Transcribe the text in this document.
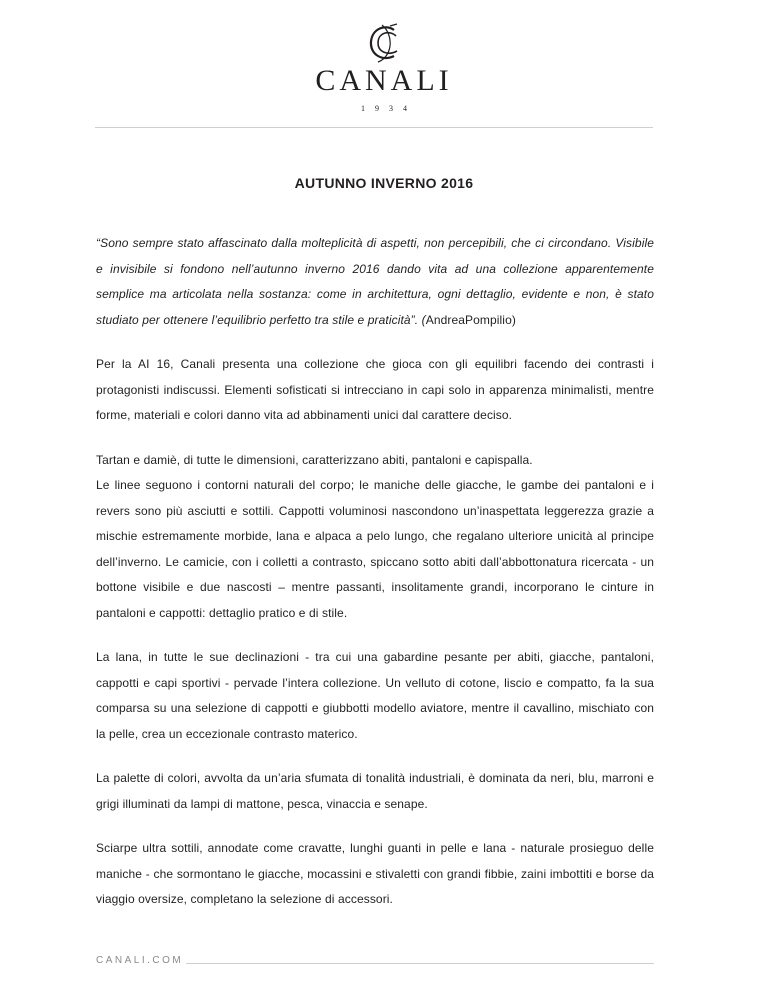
CANALI
1934
AUTUNNO INVERNO 2016

“Sono sempre stato affascinato dalla molteplicità di aspetti, non percepibili, che ci circondano. Visibile e invisibile si fondono nell’autunno inverno 2016 dando vita ad una collezione apparentemente semplice ma articolata nella sostanza: come in architettura, ogni dettaglio, evidente e non, è stato studiato per ottenere l’equilibrio perfetto tra stile e praticità”. (AndreaPompilio)

Per la AI 16, Canali presenta una collezione che gioca con gli equilibri facendo dei contrasti i protagonisti indiscussi. Elementi sofisticati si intrecciano in capi solo in apparenza minimalisti, mentre forme, materiali e colori danno vita ad abbinamenti unici dal carattere deciso.

Tartan e damiè, di tutte le dimensioni, caratterizzano abiti, pantaloni e capispalla.

Le linee seguono i contorni naturali del corpo; le maniche delle giacche, le gambe dei pantaloni e i revers sono più asciutti e sottili. Cappotti voluminosi nascondono un’inaspettata leggerezza grazie a mischie estremamente morbide, lana e alpaca a pelo lungo, che regalano ulteriore unicità al principe dell’inverno. Le camicie, con i colletti a contrasto, spiccano sotto abiti dall’abbottonatura ricercata - un bottone visibile e due nascosti – mentre passanti, insolitamente grandi, incorporano le cinture in pantaloni e cappotti: dettaglio pratico e di stile.

La lana, in tutte le sue declinazioni - tra cui una gabardine pesante per abiti, giacche, pantaloni, cappotti e capi sportivi - pervade l’intera collezione. Un velluto di cotone, liscio e compatto, fa la sua comparsa su una selezione di cappotti e giubbotti modello aviatore, mentre il cavallino, mischiato con la pelle, crea un eccezionale contrasto materico.

La palette di colori, avvolta da un’aria sfumata di tonalità industriali, è dominata da neri, blu, marroni e grigi illuminati da lampi di mattone, pesca, vinaccia e senape.

Sciarpe ultra sottili, annodate come cravatte, lunghi guanti in pelle e lana - naturale prosieguo delle maniche - che sormontano le giacche, mocassini e stivaletti con grandi fibbie, zaini imbottiti e borse da viaggio oversize, completano la selezione di accessori.

CANALI.COM
